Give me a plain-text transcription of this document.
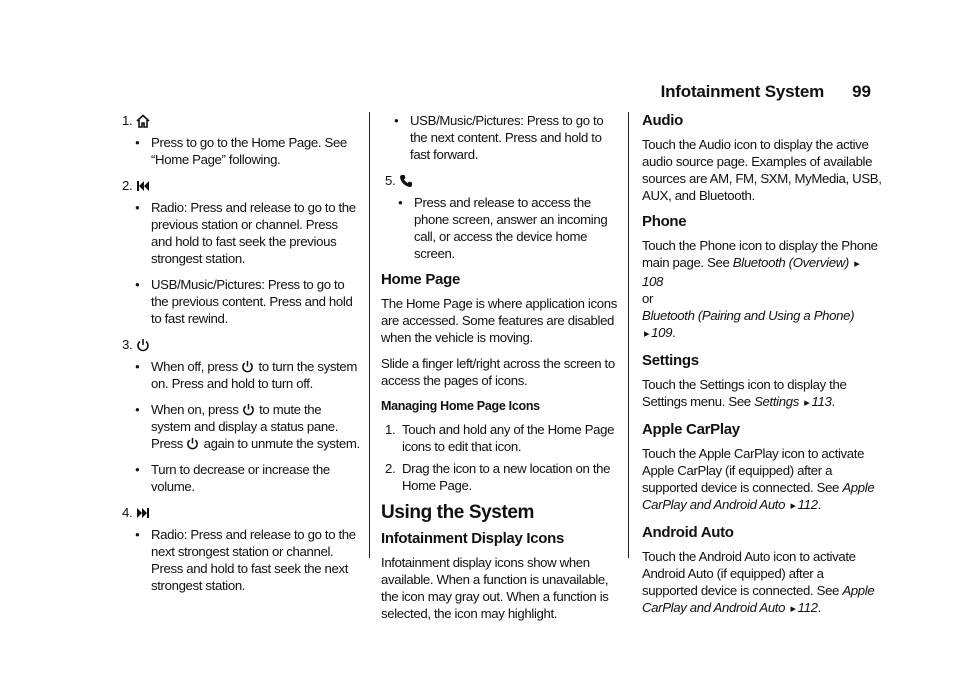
Infotainment System 99
1.
● Press to go to the Home Page. See “Home Page” following.
2.
● Radio: Press and release to go to the previous station or channel. Press and hold to fast seek the previous strongest station.
● USB/Music/Pictures: Press to go to the previous content. Press and hold to fast rewind.
3.
● When off, press  to turn the system on. Press and hold to turn off.
● When on, press  to mute the system and display a status pane. Press  again to unmute the system.
● Turn to decrease or increase the volume.
4.
● Radio: Press and release to go to the next strongest station or channel. Press and hold to fast seek the next strongest station.
● USB/Music/Pictures: Press to go to the next content. Press and hold to fast forward.
5.
● Press and release to access the phone screen, answer an incoming call, or access the device home screen.
Home Page

The Home Page is where application icons are accessed. Some features are disabled when the vehicle is moving.

Slide a finger left/right across the screen to access the pages of icons.

Managing Home Page Icons
1. Touch and hold any of the Home Page icons to edit that icon.
2. Drag the icon to a new location on the Home Page.
Using the System
Infotainment Display Icons

Infotainment display icons show when available. When a function is unavailable, the icon may gray out. When a function is selected, the icon may highlight.

Audio

Touch the Audio icon to display the active audio source page. Examples of available sources are AM, FM, SXM, MyMedia, USB, AUX, and Bluetooth.

Phone

Touch the Phone icon to display the Phone main page. See Bluetooth (Overview) ▸108
or
Bluetooth (Pairing and Using a Phone)
▸ 109.

Settings

Touch the Settings icon to display the Settings menu. See Settings ▸ 113.

Apple CarPlay

Touch the Apple CarPlay icon to activate Apple CarPlay (if equipped) after a supported device is connected. See Apple CarPlay and Android Auto ▸ 112.

Android Auto

Touch the Android Auto icon to activate Android Auto (if equipped) after a supported device is connected. See Apple CarPlay and Android Auto ▸ 112.
